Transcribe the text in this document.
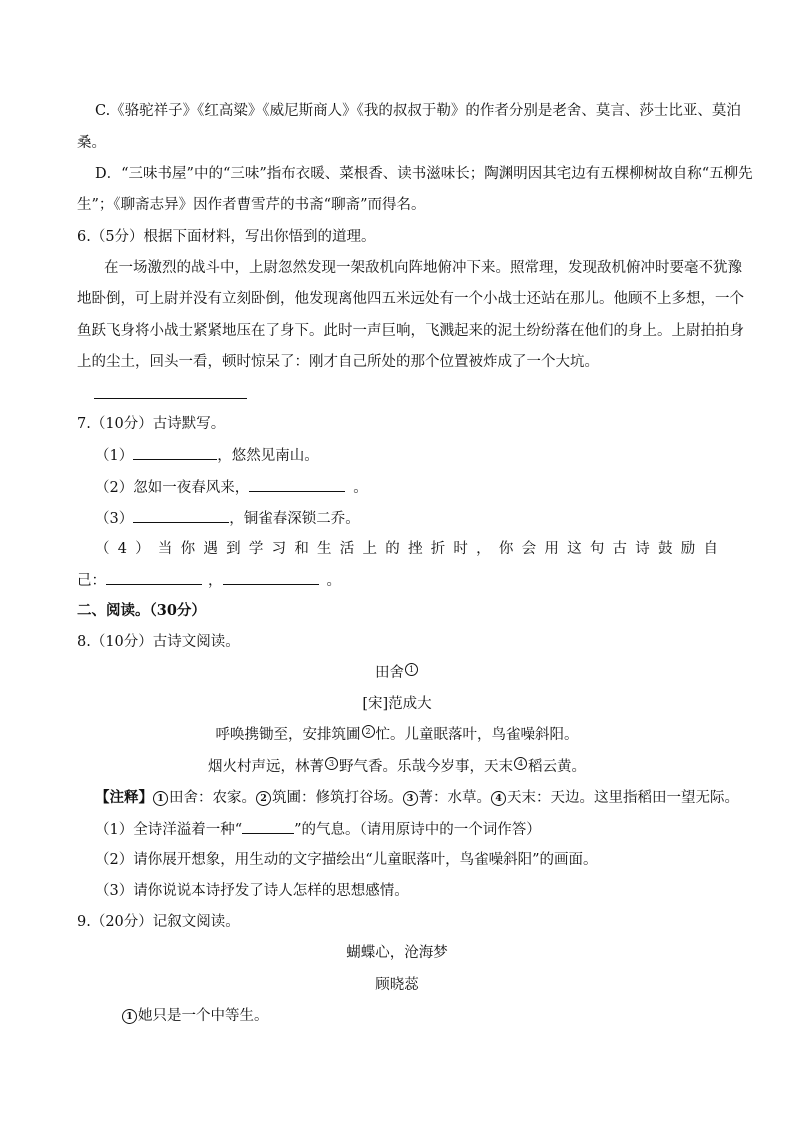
C.《骆驼祥子》《红高粱》《威尼斯商人》《我的叔叔于勒》的作者分别是老舍、莫言、莎士比亚、莫泊
桑。
D．“三味书屋”中的“三味”指布衣暖、菜根香、读书滋味长；陶渊明因其宅边有五棵柳树故自称“五柳先
生”；《聊斋志异》因作者曹雪芹的书斋“聊斋”而得名。
6.（5分）根据下面材料，写出你悟到的道理。
在一场激烈的战斗中，上尉忽然发现一架敌机向阵地俯冲下来。照常理，发现敌机俯冲时要毫不犹豫
地卧倒，可上尉并没有立刻卧倒，他发现离他四五米远处有一个小战士还站在那儿。他顾不上多想，一个
鱼跃飞身将小战士紧紧地压在了身下。此时一声巨响，飞溅起来的泥土纷纷落在他们的身上。上尉拍拍身
上的尘土，回头一看，顿时惊呆了：刚才自己所处的那个位置被炸成了一个大坑。
7.（10分）古诗默写。
（1）	，悠然见南山。
（2）忽如一夜春风来，	。
（3）	，铜雀春深锁二乔。
（4）当你遇到学习和生活上的挫折时，你会用这句古诗鼓励自
己：	，	。
二、阅读。（30分）
8.（10分）古诗文阅读。
田舍 1
[宋]范成大
呼唤携锄至，安排筑圃 2 忙。儿童眠落叶，鸟雀噪斜阳。
烟火村声远，林菁 3 野气香。乐哉今岁事，天末 4 稻云黄。
【注释】 1 田舍：农家。 2 筑圃：修筑打谷场。 3 菁：水草。 4 天末：天边。这里指稻田一望无际。
（1）全诗洋溢着一种“	”的气息。（请用原诗中的一个词作答）
（2）请你展开想象，用生动的文字描绘出“儿童眠落叶，鸟雀噪斜阳”的画面。
（3）请你说说本诗抒发了诗人怎样的思想感情。
9.（20分）记叙文阅读。
蝴蝶心，沧海梦
顾晓蕊
1 她只是一个中等生。
